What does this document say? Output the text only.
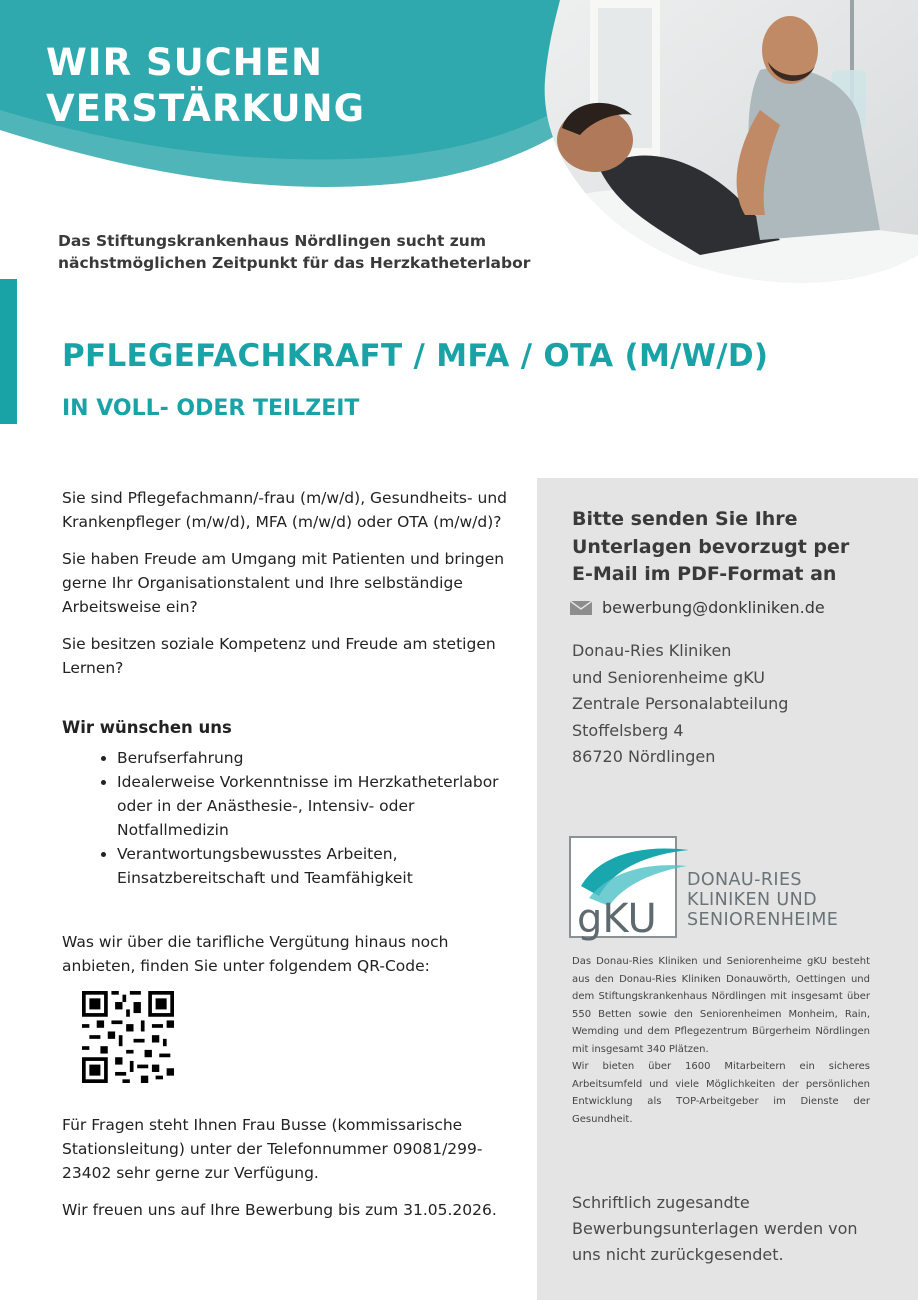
WIR SUCHEN
VERSTÄRKUNG

Das Stiftungskrankenhaus Nördlingen sucht zum
nächstmöglichen Zeitpunkt für das Herzkatheterlabor

PFLEGEFACHKRAFT / MFA / OTA (M/W/D)
IN VOLL- ODER TEILZEIT

Sie sind Pflegefachmann/-frau (m/w/d), Gesundheits- und Krankenpfleger (m/w/d), MFA (m/w/d) oder OTA (m/w/d)?

Sie haben Freude am Umgang mit Patienten und bringen gerne Ihr Organisationstalent und Ihre selbständige Arbeitsweise ein?

Sie besitzen soziale Kompetenz und Freude am stetigen Lernen?

Wir wünschen uns
• Berufserfahrung
• Idealerweise Vorkenntnisse im Herzkatheterlabor oder in der Anästhesie-, Intensiv- oder Notfallmedizin
• Verantwortungsbewusstes Arbeiten, Einsatzbereitschaft und Teamfähigkeit

Was wir über die tarifliche Vergütung hinaus noch anbieten, finden Sie unter folgendem QR-Code:

Für Fragen steht Ihnen Frau Busse (kommissarische Stationsleitung) unter der Telefonnummer 09081/299-23402 sehr gerne zur Verfügung.

Wir freuen uns auf Ihre Bewerbung bis zum 31.05.2026.

Bitte senden Sie Ihre Unterlagen bevorzugt per E-Mail im PDF-Format an

bewerbung@donkliniken.de
Donau-Ries Kliniken
und Seniorenheime gKU
Zentrale Personalabteilung
Stoffelsberg 4
86720 Nördlingen
gKU
DONAU-RIES
KLINIKEN UND
SENIORENHEIME

Das Donau-Ries Kliniken und Seniorenheime gKU besteht aus den Donau-Ries Kliniken Donauwörth, Oettingen und dem Stiftungskrankenhaus Nördlingen mit insgesamt über 550 Betten sowie den Seniorenheimen Monheim, Rain, Wemding und dem Pflegezentrum Bürgerheim Nördlingen mit insgesamt 340 Plätzen.

Wir bieten über 1600 Mitarbeitern ein sicheres Arbeitsumfeld und viele Möglichkeiten der persönlichen Entwicklung als TOP-Arbeitgeber im Dienste der Gesundheit.

Schriftlich zugesandte Bewerbungsunterlagen werden von uns nicht zurückgesendet.
